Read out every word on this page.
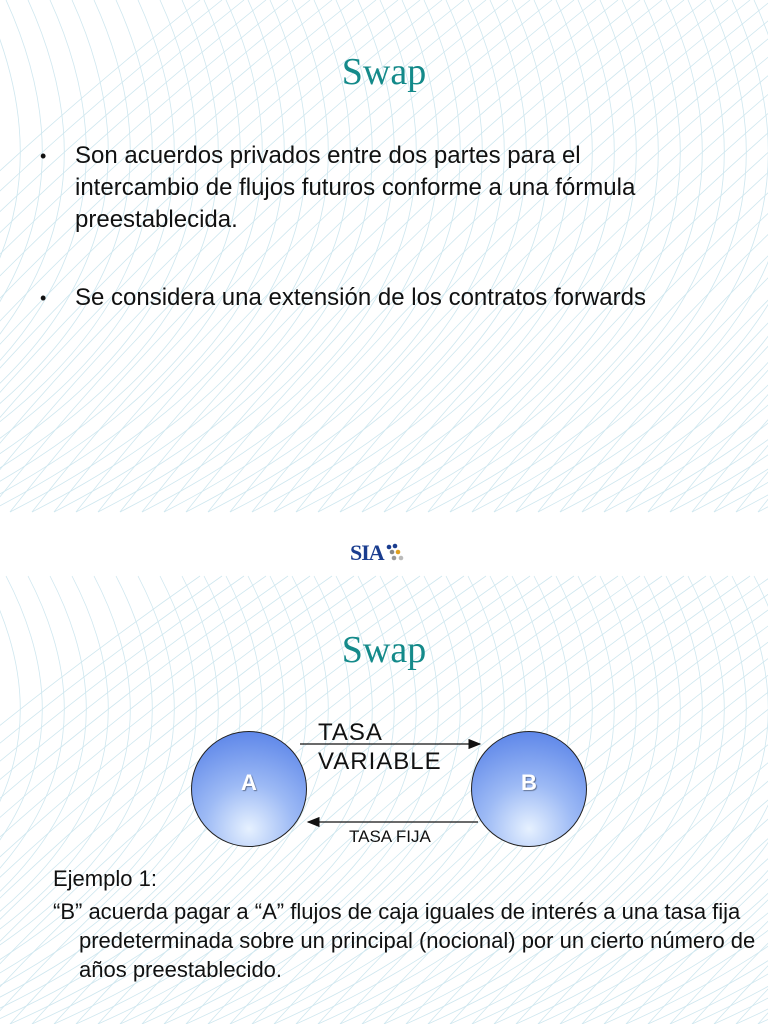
Swap
• Son acuerdos privados entre dos partes para el intercambio de flujos futuros conforme a una fórmula preestablecida.
• Se considera una extensión de los contratos forwards
SIA
Swap
A	B
TASA VARIABLE
TASA FIJA
Ejemplo 1:
“B” acuerda pagar a “A” flujos de caja iguales de interés a una tasa fija predeterminada sobre un principal (nocional) por un cierto número de años preestablecido.
